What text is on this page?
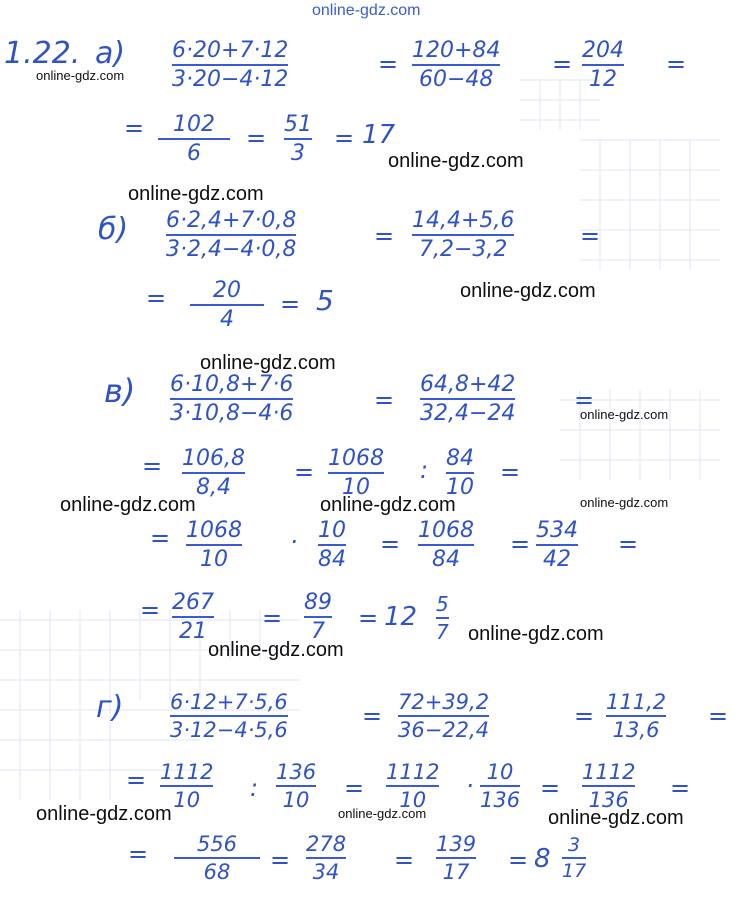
online-gdz.com
1.22. а)
online-gdz.com
6·20+7·12
3·20−4·12
= 120+84
60−48
= 204
12
=
= 102
6
= 51
3
= 17
online-gdz.com
online-gdz.com
б) 6·2,4+7·0,8
3·2,4−4·0,8	=
14,4+5,6
7,2−3,2	=
= 20
4
= 5	online-gdz.com
online-gdz.com
в) 6·10,8+7·6
3·10,8−4·6	=
64,8+42
32,4−24 =
online-gdz.com
= 106,8
8,4
= 1068
10
: 84
10
=
online-gdz.com	online-gdz.com	online-gdz.com
= 1068
10
· 10
84
= 1068
84
= 534
42
=
= 267
21 =
89
7 = 12 5
7 online-gdz.com
online-gdz.com
г) 6·12+7·5,6
3·12−4·5,6	= 72+39,2
36−22,4	= 111,2
13,6 =
= 1112
10 :
136
10 =
1112
10 · 10
136 =
1112
136 =
online-gdz.com	online-gdz.com	online-gdz.com
= 556
68 =
278
34 =
139
17 = 8 3
17
